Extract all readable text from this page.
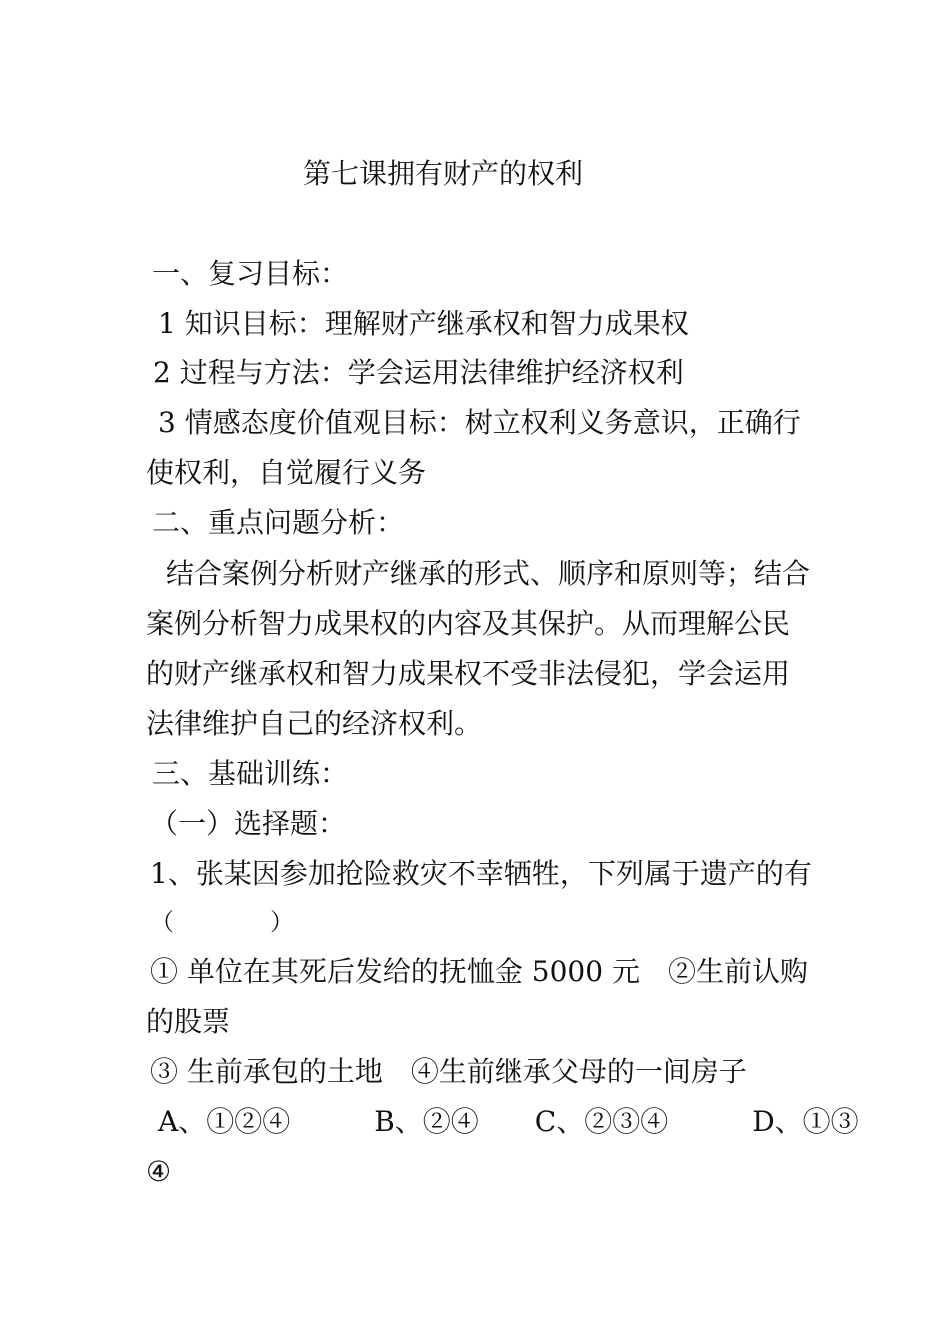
第七课拥有财产的权利

一、复习目标：

1 知识目标：理解财产继承权和智力成果权

2 过程与方法：学会运用法律维护经济权利

3 情感态度价值观目标：树立权利义务意识，正确行

使权利，自觉履行义务

二、重点问题分析：

结合案例分析财产继承的形式、顺序和原则等；结合

案例分析智力成果权的内容及其保护。从而理解公民

的财产继承权和智力成果权不受非法侵犯，学会运用

法律维护自己的经济权利。

三、基础训练：

（一）选择题：

1、张某因参加抢险救灾不幸牺牲，下列属于遗产的有

（　　　　）

① 单位在其死后发给的抚恤金 5000 元　②生前认购

的股票

③ 生前承包的土地　④生前继承父母的一间房子

A、①②④　　　B、②④　　C、②③④　　　D、①③

④
